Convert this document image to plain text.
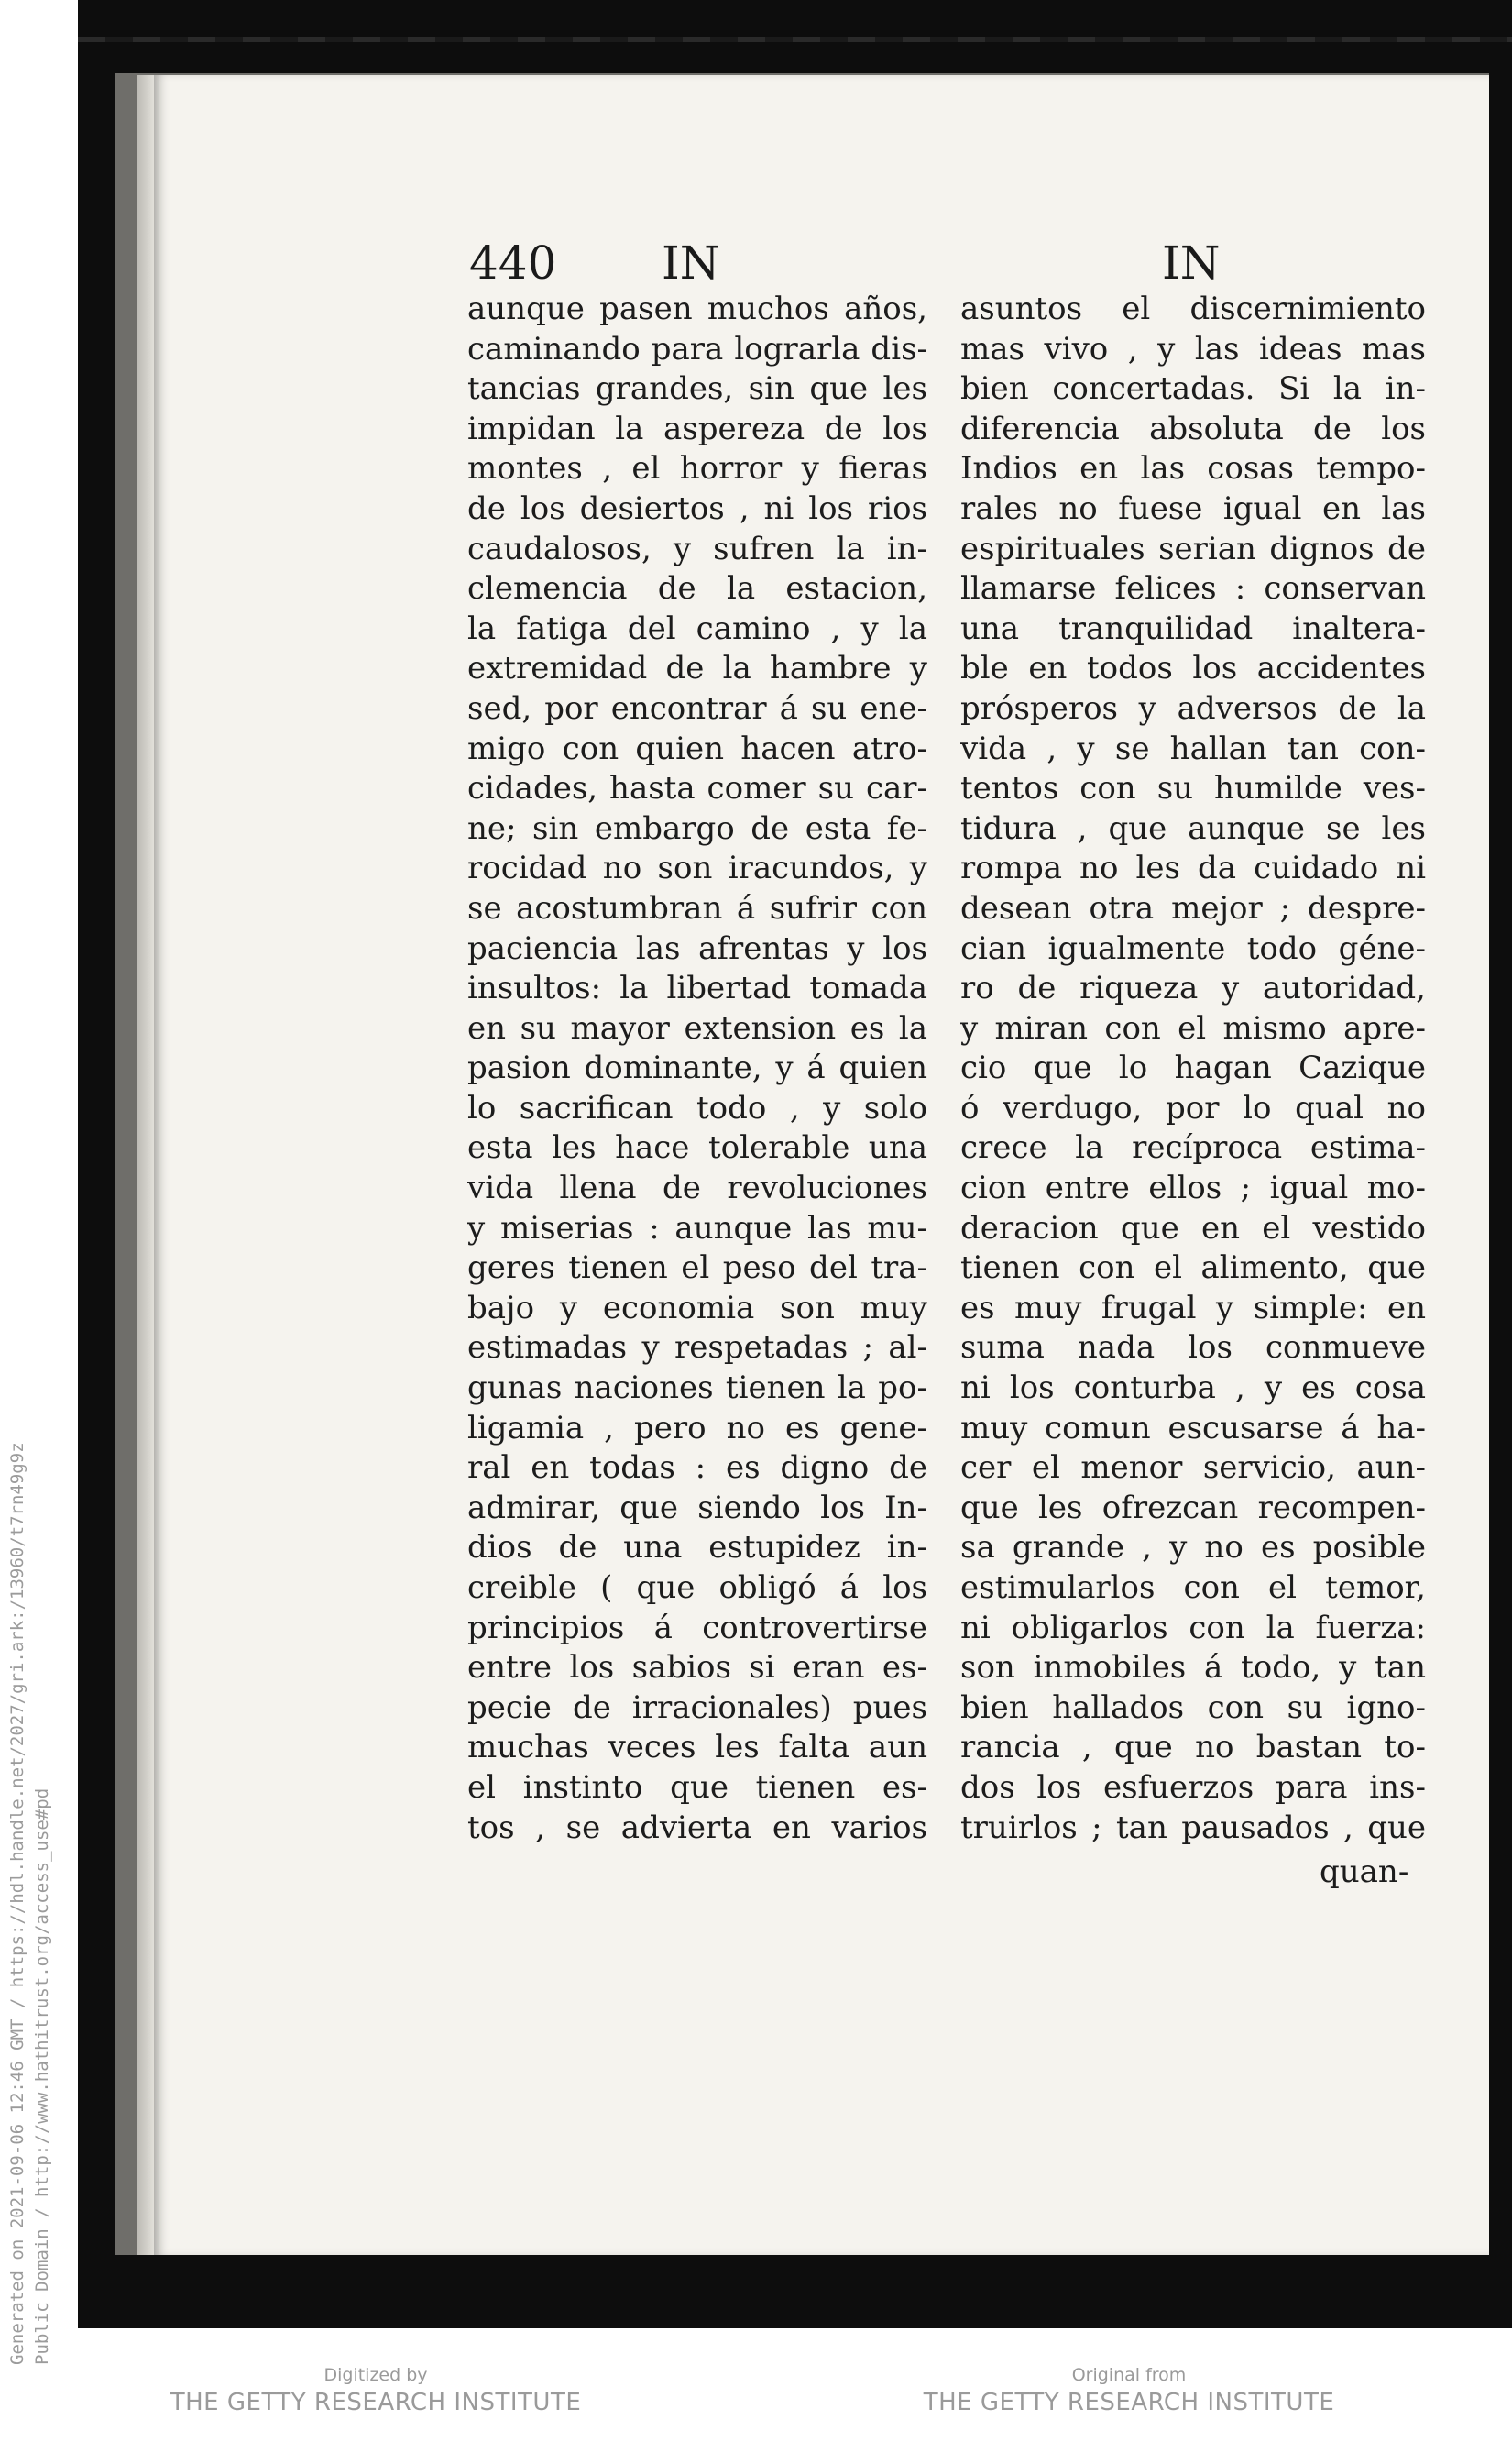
440 IN	IN
aunque pasen muchos años,
caminando para lograrla dis-
tancias grandes, sin que les
impidan la aspereza de los
montes , el horror y fieras
de los desiertos , ni los rios
caudalosos, y sufren la in-
clemencia de la estacion,
la fatiga del camino , y la
extremidad de la hambre y
sed, por encontrar á su ene-
migo con quien hacen atro-
cidades, hasta comer su car-
ne; sin embargo de esta fe-
rocidad no son iracundos, y
se acostumbran á sufrir con
paciencia las afrentas y los
insultos: la libertad tomada
en su mayor extension es la
pasion dominante, y á quien
lo sacrifican todo , y solo
esta les hace tolerable una
vida llena de revoluciones
y miserias : aunque las mu-
geres tienen el peso del tra-
bajo y economia son muy
estimadas y respetadas ; al-
gunas naciones tienen la po-
ligamia , pero no es gene-
ral en todas : es digno de
admirar, que siendo los In-
dios de una estupidez in-
creible ( que obligó á los
principios á controvertirse
entre los sabios si eran es-
pecie de irracionales) pues
muchas veces les falta aun
el instinto que tienen es-
tos , se advierta en varios
asuntos el discernimiento
mas vivo , y las ideas mas
bien concertadas. Si la in-
diferencia absoluta de los
Indios en las cosas tempo-
rales no fuese igual en las
espirituales serian dignos de
llamarse felices : conservan
una tranquilidad inaltera-
ble en todos los accidentes
prósperos y adversos de la
vida , y se hallan tan con-
tentos con su humilde ves-
tidura , que aunque se les
rompa no les da cuidado ni
desean otra mejor ; despre-
cian igualmente todo géne-
ro de riqueza y autoridad,
y miran con el mismo apre-
cio que lo hagan Cazique
ó verdugo, por lo qual no
crece la recíproca estima-
cion entre ellos ; igual mo-
deracion que en el vestido
tienen con el alimento, que
es muy frugal y simple: en
suma nada los conmueve
ni los conturba , y es cosa
muy comun escusarse á ha-
cer el menor servicio, aun-
que les ofrezcan recompen-
sa grande , y no es posible
estimularlos con el temor,
ni obligarlos con la fuerza:
son inmobiles á todo, y tan
bien hallados con su igno-
rancia , que no bastan to-
dos los esfuerzos para ins-
truirlos ; tan pausados , que
quan-
Generated on 2021-09-06 12:46 GMT / https://hdl.handle.net/2027/gri.ark:/13960/t7rn49g9z Public Domain / http://www.hathitrust.org/access_use#pd
Digitized by
THE GETTY RESEARCH INSTITUTE
Original from
THE GETTY RESEARCH INSTITUTE
